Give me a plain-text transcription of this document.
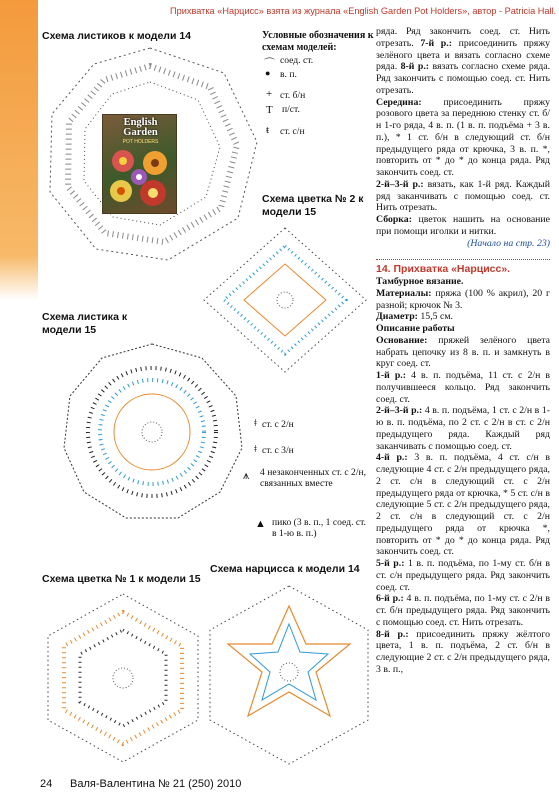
Прихватка «Нарцисс» взята из журнала «English Garden Pot Holders», автор - Patricia Hall.
Схема листиков к модели 14	Условные обозначения к схемам моделей:
Схема цветка № 2 к модели 15
Схема листика к модели 15
Схема цветка № 1 к модели 15
Схема нарцисса к модели 14
⌒ соед. ст.
● в. п.
+ ст. б/н
T п/ст.
ŧ ст. с/н
ǂ ст. с 2/н
ǂ ст. с 3/н
⩚ 4 незаконченных ст. с 2/н, связанных вместе
▲ пико (3 в. п., 1 соед. ст. в 1-ю в. п.)
English Garden
POT HOLDERS

ряда. Ряд закончить соед. ст. Нить отрезать. 7-й р.: присоединить пряжу зелёного цвета и вязать согласно схеме ряда. 8-й р.: вязать согласно схеме ряда. Ряд закончить с помощью соед. ст. Нить отрезать.

Середина: присоединить пряжу розового цвета за переднюю стенку ст. б/н 1-го ряда, 4 в. п. (1 в. п. подъёма + 3 в. п.), * 1 ст. б/н в следующий ст. б/н предыдущего ряда от крючка, 3 в. п. *, повторить от * до * до конца ряда. Ряд закончить соед. ст.

2-й–3-й р.: вязать, как 1-й ряд. Каждый ряд заканчивать с помощью соед. ст. Нить отрезать.

Сборка: цветок нашить на основание при помощи иголки и нитки.

(Начало на стр. 23)
14. Прихватка «Нарцисс».

Тамбурное вязание.

Материалы: пряжа (100 % акрил), 20 г разной; крючок № 3.

Диаметр: 15,5 см.

Описание работы

Основание: пряжей зелёного цвета набрать цепочку из 8 в. п. и замкнуть в круг соед. ст.

1-й р.: 4 в. п. подъёма, 11 ст. с 2/н в получившееся кольцо. Ряд закончить соед. ст.

2-й–3-й р.: 4 в. п. подъёма, 1 ст. с 2/н в 1-ю в. п. подъёма, по 2 ст. с 2/н в ст. с 2/н предыдущего ряда. Каждый ряд заканчивать с помощью соед. ст.

4-й р.: 3 в. п. подъёма, 4 ст. с/н в следующие 4 ст. с 2/н предыдущего ряда, 2 ст. с/н в следующий ст. с 2/н предыдущего ряда от крючка, * 5 ст. с/н в следующие 5 ст. с 2/н предыдущего ряда, 2 ст. с/н в следующий ст. с 2/н предыдущего ряда от крючка *, повторить от * до * до конца ряда. Ряд закончить соед. ст.

5-й р.: 1 в. п. подъёма, по 1-му ст. б/н в ст. с/н предыдущего ряда. Ряд закончить соед. ст.

6-й р.: 4 в. п. подъёма, по 1-му ст. с 2/н в ст. б/н предыдущего ряда. Ряд закончить с помощью соед. ст. Нить отрезать.

8-й р.: присоединить пряжу жёлтого цвета, 1 в. п. подъёма, 2 ст. б/н в следующие 2 ст. с 2/н предыдущего ряда, 3 в. п.,

24 Валя-Валентина № 21 (250) 2010
